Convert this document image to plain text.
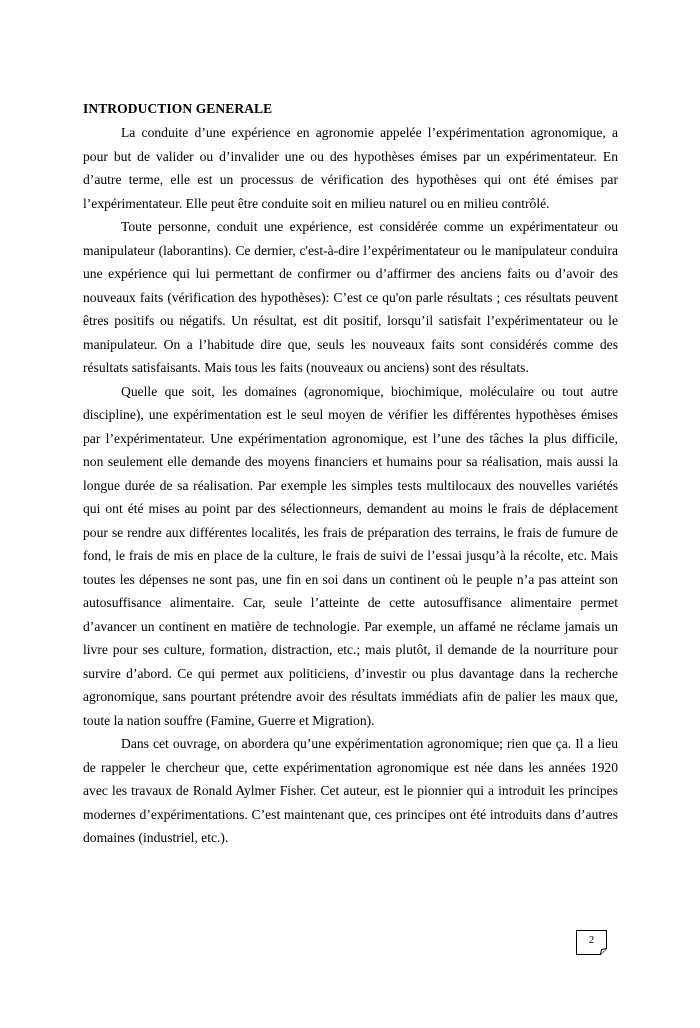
INTRODUCTION GENERALE

La conduite d’une expérience en agronomie appelée l’expérimentation agronomique, a pour but de valider ou d’invalider une ou des hypothèses émises par un expérimentateur. En d’autre terme, elle est un processus de vérification des hypothèses qui ont été émises par l’expérimentateur. Elle peut être conduite soit en milieu naturel ou en milieu contrôlé.

Toute personne, conduit une expérience, est considérée comme un expérimentateur ou manipulateur (laborantins). Ce dernier, c'est-à-dire l’expérimentateur ou le manipulateur conduira une expérience qui lui permettant de confirmer ou d’affirmer des anciens faits ou d’avoir des nouveaux faits (vérification des hypothèses): C’est ce qu'on parle résultats ; ces résultats peuvent êtres positifs ou négatifs. Un résultat, est dit positif, lorsqu’il satisfait l’expérimentateur ou le manipulateur. On a l’habitude dire que, seuls les nouveaux faits sont considérés comme des résultats satisfaisants. Mais tous les faits (nouveaux ou anciens) sont des résultats.

Quelle que soit, les domaines (agronomique, biochimique, moléculaire ou tout autre discipline), une expérimentation est le seul moyen de vérifier les différentes hypothèses émises par l’expérimentateur. Une expérimentation agronomique, est l’une des tâches la plus difficile, non seulement elle demande des moyens financiers et humains pour sa réalisation, mais aussi la longue durée de sa réalisation. Par exemple les simples tests multilocaux des nouvelles variétés qui ont été mises au point par des sélectionneurs, demandent au moins le frais de déplacement pour se rendre aux différentes localités, les frais de préparation des terrains, le frais de fumure de fond, le frais de mis en place de la culture, le frais de suivi de l’essai jusqu’à la récolte, etc. Mais toutes les dépenses ne sont pas, une fin en soi dans un continent où le peuple n’a pas atteint son autosuffisance alimentaire. Car, seule l’atteinte de cette autosuffisance alimentaire permet d’avancer un continent en matière de technologie. Par exemple, un affamé ne réclame jamais un livre pour ses culture, formation, distraction, etc.; mais plutôt, il demande de la nourriture pour survire d’abord. Ce qui permet aux politiciens, d’investir ou plus davantage dans la recherche agronomique, sans pourtant prétendre avoir des résultats immédiats afin de palier les maux que, toute la nation souffre (Famine, Guerre et Migration).

Dans cet ouvrage, on abordera qu’une expérimentation agronomique; rien que ça. Il a lieu de rappeler le chercheur que, cette expérimentation agronomique est née dans les années 1920 avec les travaux de Ronald Aylmer Fisher. Cet auteur, est le pionnier qui a introduit les principes modernes d’expérimentations. C’est maintenant que, ces principes ont été introduits dans d’autres domaines (industriel, etc.).

2
